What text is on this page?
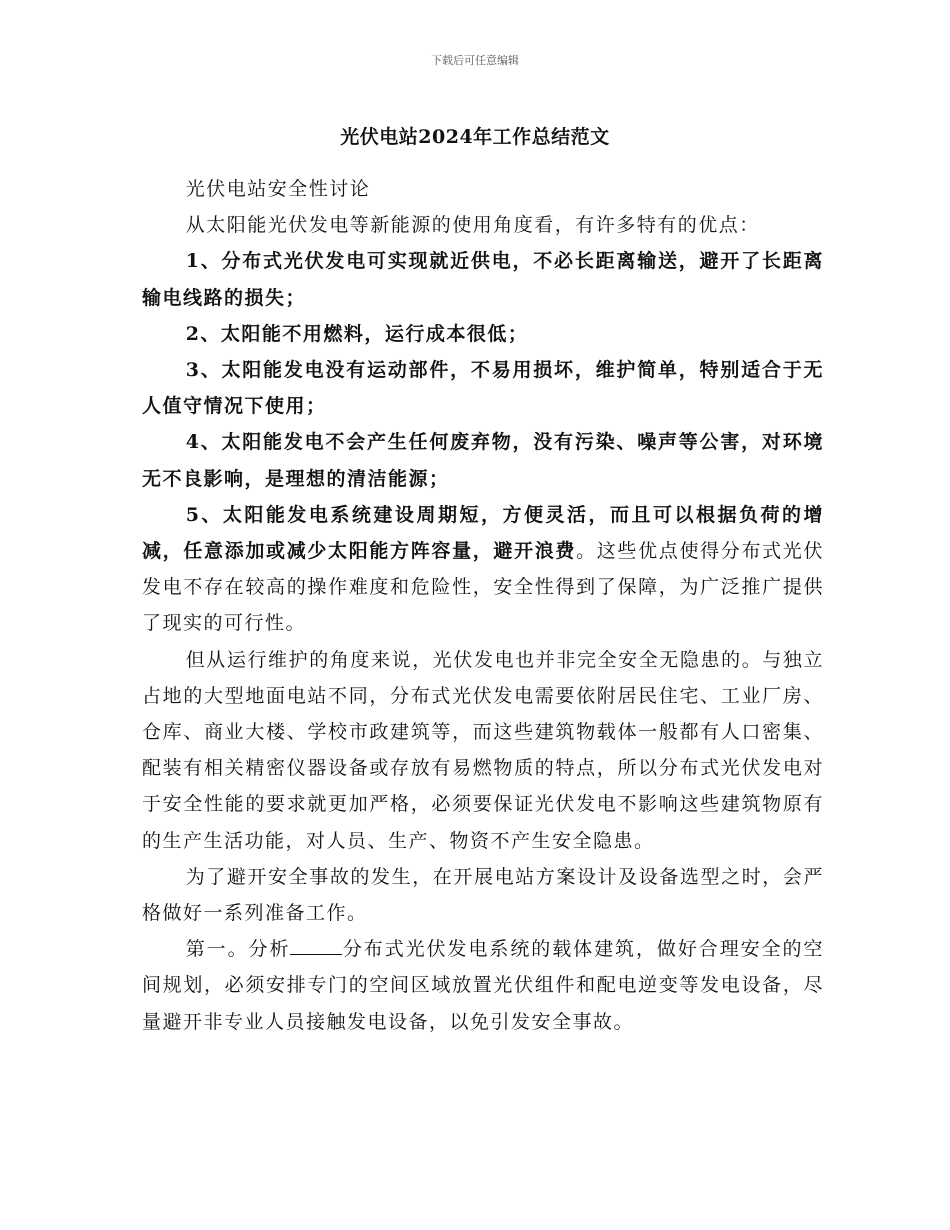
下载后可任意编辑
光伏电站2024年工作总结范文

光伏电站安全性讨论

从太阳能光伏发电等新能源的使用角度看，有许多特有的优点：

1、分布式光伏发电可实现就近供电，不必长距离输送，避开了长距离输电线路的损失；

2、太阳能不用燃料，运行成本很低；

3、太阳能发电没有运动部件，不易用损坏，维护简单，特别适合于无人值守情况下使用；

4、太阳能发电不会产生任何废弃物，没有污染、噪声等公害，对环境无不良影响，是理想的清洁能源；

5、太阳能发电系统建设周期短，方便灵活，而且可以根据负荷的增减，任意添加或减少太阳能方阵容量，避开浪费。这些优点使得分布式光伏发电不存在较高的操作难度和危险性，安全性得到了保障，为广泛推广提供了现实的可行性。

但从运行维护的角度来说，光伏发电也并非完全安全无隐患的。与独立占地的大型地面电站不同，分布式光伏发电需要依附居民住宅、工业厂房、仓库、商业大楼、学校市政建筑等，而这些建筑物载体一般都有人口密集、配装有相关精密仪器设备或存放有易燃物质的特点，所以分布式光伏发电对于安全性能的要求就更加严格，必须要保证光伏发电不影响这些建筑物原有的生产生活功能，对人员、生产、物资不产生安全隐患。

为了避开安全事故的发生，在开展电站方案设计及设备选型之时，会严格做好一系列准备工作。

第一。分析	分布式光伏发电系统的载体建筑，做好合理安全的空间规划，必须安排专门的空间区域放置光伏组件和配电逆变等发电设备，尽量避开非专业人员接触发电设备，以免引发安全事故。
